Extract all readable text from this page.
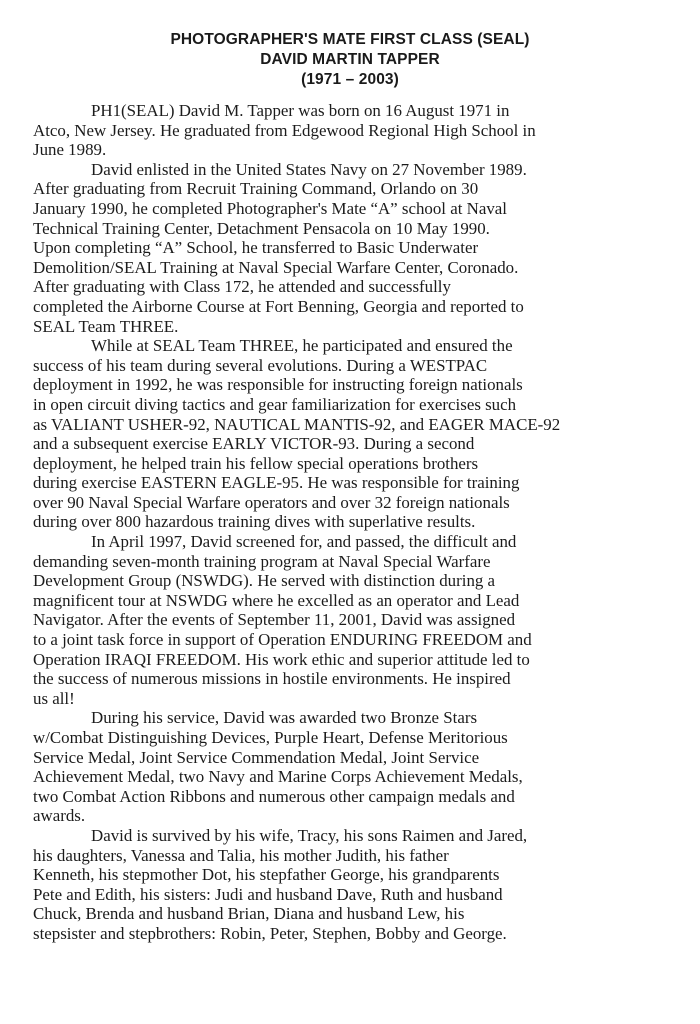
PHOTOGRAPHER'S MATE FIRST CLASS (SEAL)
DAVID MARTIN TAPPER
(1971 – 2003)
PH1(SEAL) David M. Tapper was born on 16 August 1971 in
Atco, New Jersey. He graduated from Edgewood Regional High School in
June 1989.
David enlisted in the United States Navy on 27 November 1989.
After graduating from Recruit Training Command, Orlando on 30
January 1990, he completed Photographer's Mate “A” school at Naval
Technical Training Center, Detachment Pensacola on 10 May 1990.
Upon completing “A” School, he transferred to Basic Underwater
Demolition/SEAL Training at Naval Special Warfare Center, Coronado.
After graduating with Class 172, he attended and successfully
completed the Airborne Course at Fort Benning, Georgia and reported to
SEAL Team THREE.
While at SEAL Team THREE, he participated and ensured the
success of his team during several evolutions. During a WESTPAC
deployment in 1992, he was responsible for instructing foreign nationals
in open circuit diving tactics and gear familiarization for exercises such
as VALIANT USHER-92, NAUTICAL MANTIS-92, and EAGER MACE-92
and a subsequent exercise EARLY VICTOR-93. During a second
deployment, he helped train his fellow special operations brothers
during exercise EASTERN EAGLE-95. He was responsible for training
over 90 Naval Special Warfare operators and over 32 foreign nationals
during over 800 hazardous training dives with superlative results.
In April 1997, David screened for, and passed, the difficult and
demanding seven-month training program at Naval Special Warfare
Development Group (NSWDG). He served with distinction during a
magnificent tour at NSWDG where he excelled as an operator and Lead
Navigator. After the events of September 11, 2001, David was assigned
to a joint task force in support of Operation ENDURING FREEDOM and
Operation IRAQI FREEDOM. His work ethic and superior attitude led to
the success of numerous missions in hostile environments. He inspired
us all!
During his service, David was awarded two Bronze Stars
w/Combat Distinguishing Devices, Purple Heart, Defense Meritorious
Service Medal, Joint Service Commendation Medal, Joint Service
Achievement Medal, two Navy and Marine Corps Achievement Medals,
two Combat Action Ribbons and numerous other campaign medals and
awards.
David is survived by his wife, Tracy, his sons Raimen and Jared,
his daughters, Vanessa and Talia, his mother Judith, his father
Kenneth, his stepmother Dot, his stepfather George, his grandparents
Pete and Edith, his sisters: Judi and husband Dave, Ruth and husband
Chuck, Brenda and husband Brian, Diana and husband Lew, his
stepsister and stepbrothers: Robin, Peter, Stephen, Bobby and George.
